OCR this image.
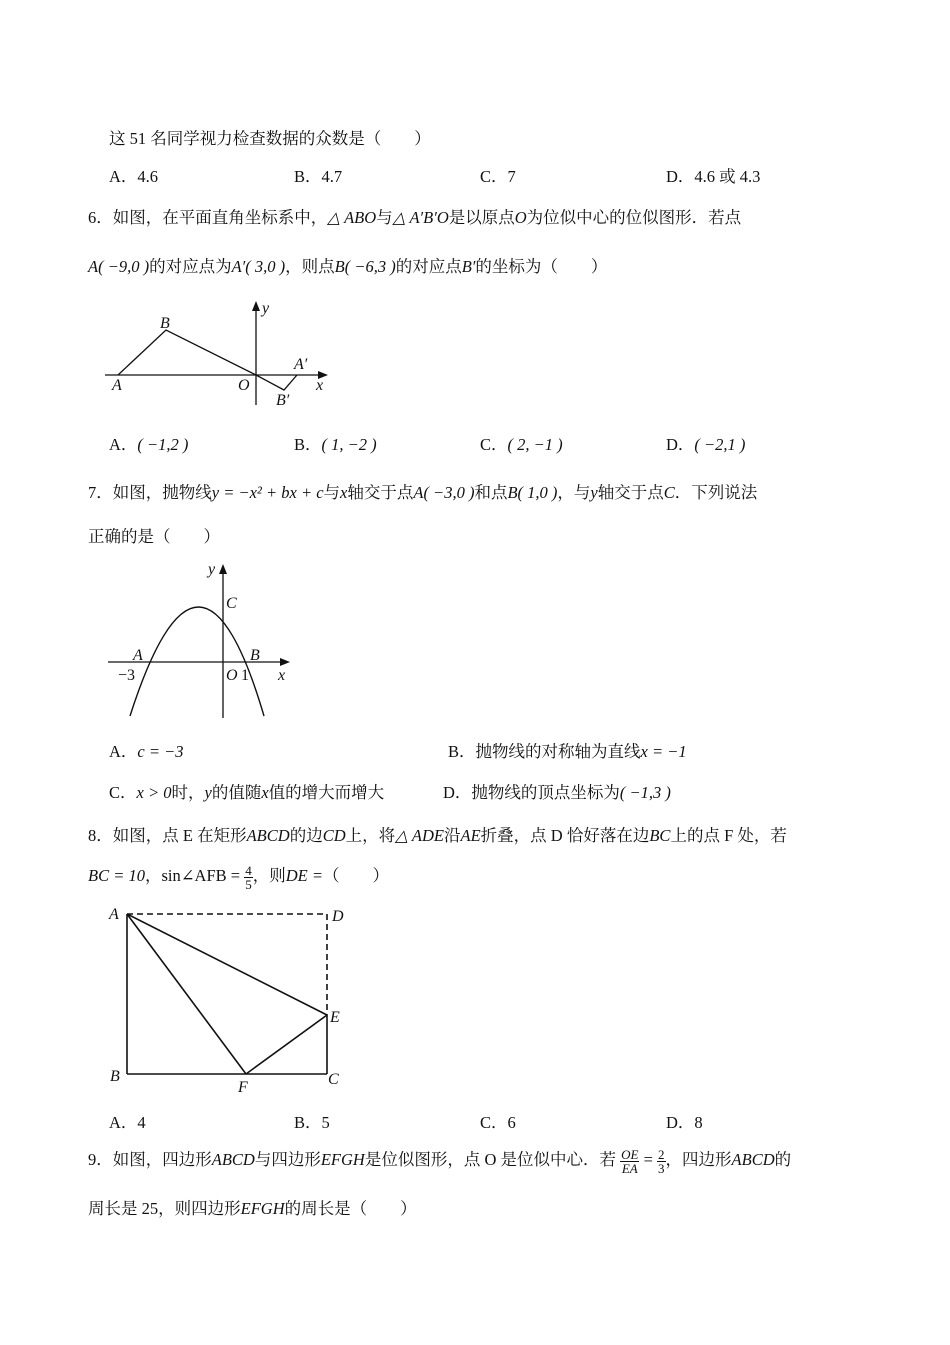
这 51 名同学视力检查数据的众数是（　　）
A．4.6	B．4.7	C．7	D．4.6 或 4.3
6．如图，在平面直角坐标系中，△ ABO与△ A′B′O是以原点O为位似中心的位似图形．若点
A( −9,0 )的对应点为A′( 3,0 )，则点B( −6,3 )的对应点B′的坐标为（　　）
A
B
O
A′
B′
x
y
A．( −1,2 )	B．( 1, −2 )	C．( 2, −1 )	D．( −2,1 )
7．如图，抛物线y = −x² + bx + c与x轴交于点A( −3,0 )和点B( 1,0 )，与y轴交于点C．下列说法
正确的是（　　）
A	B
C
O 1
−3	x
y
A．c = −3	B．抛物线的对称轴为直线x = −1
C．x > 0时，y的值随x值的增大而增大	D．抛物线的顶点坐标为( −1,3 )
8．如图，点 E 在矩形ABCD的边CD上，将△ ADE沿AE折叠，点 D 恰好落在边BC上的点 F 处，若
BC = 10，sin∠AFB = $\frac{4}{5}$ ，则DE =（　　）
A	D
E
B	C
F
A．4	B．5	C．6	D．8
9．如图，四边形ABCD与四边形EFGH是位似图形，点 O 是位似中心．若 $\frac{OE}{EA} = \frac{2}{3}$ ，四边形ABCD的
周长是 25，则四边形EFGH的周长是（　　）
